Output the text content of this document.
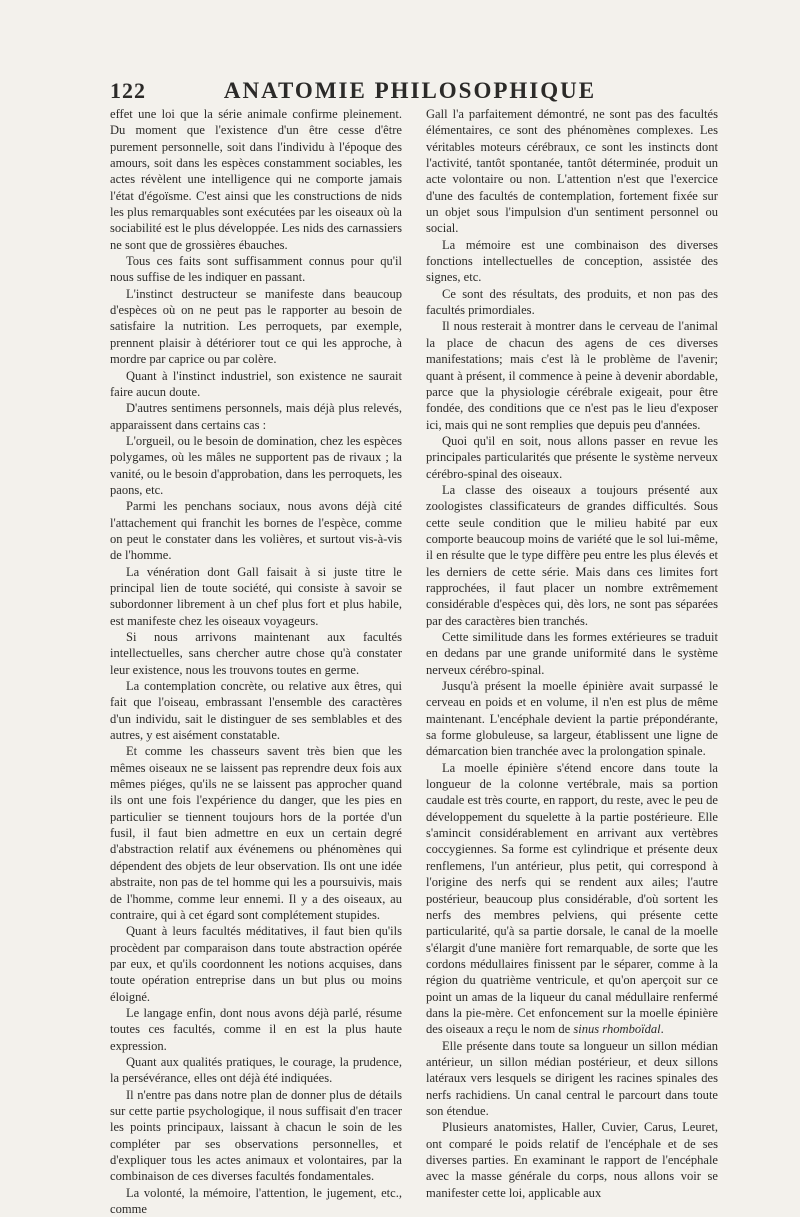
122	ANATOMIE PHILOSOPHIQUE

effet une loi que la série animale confirme pleinement. Du moment que l'existence d'un être cesse d'être purement personnelle, soit dans l'individu à l'époque des amours, soit dans les espèces constamment sociables, les actes révèlent une intelligence qui ne comporte jamais l'état d'égoïsme. C'est ainsi que les constructions de nids les plus remarquables sont exécutées par les oiseaux où la sociabilité est le plus développée. Les nids des carnassiers ne sont que de grossières ébauches.

Tous ces faits sont suffisamment connus pour qu'il nous suffise de les indiquer en passant.

L'instinct destructeur se manifeste dans beaucoup d'espèces où on ne peut pas le rapporter au besoin de satisfaire la nutrition. Les perroquets, par exemple, prennent plaisir à détériorer tout ce qui les approche, à mordre par caprice ou par colère.

Quant à l'instinct industriel, son existence ne saurait faire aucun doute.

D'autres sentimens personnels, mais déjà plus relevés, apparaissent dans certains cas :

L'orgueil, ou le besoin de domination, chez les espèces polygames, où les mâles ne supportent pas de rivaux ; la vanité, ou le besoin d'approbation, dans les perroquets, les paons, etc.

Parmi les penchans sociaux, nous avons déjà cité l'attachement qui franchit les bornes de l'espèce, comme on peut le constater dans les volières, et surtout vis-à-vis de l'homme.

La vénération dont Gall faisait à si juste titre le principal lien de toute société, qui consiste à savoir se subordonner librement à un chef plus fort et plus habile, est manifeste chez les oiseaux voyageurs.

Si nous arrivons maintenant aux facultés intellectuelles, sans chercher autre chose qu'à constater leur existence, nous les trouvons toutes en germe.

La contemplation concrète, ou relative aux êtres, qui fait que l'oiseau, embrassant l'ensemble des caractères d'un individu, sait le distinguer de ses semblables et des autres, y est aisément constatable.

Et comme les chasseurs savent très bien que les mêmes oiseaux ne se laissent pas reprendre deux fois aux mêmes piéges, qu'ils ne se laissent pas approcher quand ils ont une fois l'expérience du danger, que les pies en particulier se tiennent toujours hors de la portée d'un fusil, il faut bien admettre en eux un certain degré d'abstraction relatif aux événemens ou phénomènes qui dépendent des objets de leur observation. Ils ont une idée abstraite, non pas de tel homme qui les a poursuivis, mais de l'homme, comme leur ennemi. Il y a des oiseaux, au contraire, qui à cet égard sont complétement stupides.

Quant à leurs facultés méditatives, il faut bien qu'ils procèdent par comparaison dans toute abstraction opérée par eux, et qu'ils coordonnent les notions acquises, dans toute opération entreprise dans un but plus ou moins éloigné.

Le langage enfin, dont nous avons déjà parlé, résume toutes ces facultés, comme il en est la plus haute expression.

Quant aux qualités pratiques, le courage, la prudence, la persévérance, elles ont déjà été indiquées.

Il n'entre pas dans notre plan de donner plus de détails sur cette partie psychologique, il nous suffisait d'en tracer les points principaux, laissant à chacun le soin de les compléter par ses observations personnelles, et d'expliquer tous les actes animaux et volontaires, par la combinaison de ces diverses facultés fondamentales.

La volonté, la mémoire, l'attention, le jugement, etc., comme

Gall l'a parfaitement démontré, ne sont pas des facultés élémentaires, ce sont des phénomènes complexes. Les véritables moteurs cérébraux, ce sont les instincts dont l'activité, tantôt spontanée, tantôt déterminée, produit un acte volontaire ou non. L'attention n'est que l'exercice d'une des facultés de contemplation, fortement fixée sur un objet sous l'impulsion d'un sentiment personnel ou social.

La mémoire est une combinaison des diverses fonctions intellectuelles de conception, assistée des signes, etc.

Ce sont des résultats, des produits, et non pas des facultés primordiales.

Il nous resterait à montrer dans le cerveau de l'animal la place de chacun des agens de ces diverses manifestations; mais c'est là le problème de l'avenir; quant à présent, il commence à peine à devenir abordable, parce que la physiologie cérébrale exigeait, pour être fondée, des conditions que ce n'est pas le lieu d'exposer ici, mais qui ne sont remplies que depuis peu d'années.

Quoi qu'il en soit, nous allons passer en revue les principales particularités que présente le système nerveux cérébro-spinal des oiseaux.

La classe des oiseaux a toujours présenté aux zoologistes classificateurs de grandes difficultés. Sous cette seule condition que le milieu habité par eux comporte beaucoup moins de variété que le sol lui-même, il en résulte que le type diffère peu entre les plus élevés et les derniers de cette série. Mais dans ces limites fort rapprochées, il faut placer un nombre extrêmement considérable d'espèces qui, dès lors, ne sont pas séparées par des caractères bien tranchés.

Cette similitude dans les formes extérieures se traduit en dedans par une grande uniformité dans le système nerveux cérébro-spinal.

Jusqu'à présent la moelle épinière avait surpassé le cerveau en poids et en volume, il n'en est plus de même maintenant. L'encéphale devient la partie prépondérante, sa forme globuleuse, sa largeur, établissent une ligne de démarcation bien tranchée avec la prolongation spinale.

La moelle épinière s'étend encore dans toute la longueur de la colonne vertébrale, mais sa portion caudale est très courte, en rapport, du reste, avec le peu de développement du squelette à la partie postérieure. Elle s'amincit considérablement en arrivant aux vertèbres coccygiennes. Sa forme est cylindrique et présente deux renflemens, l'un antérieur, plus petit, qui correspond à l'origine des nerfs qui se rendent aux ailes; l'autre postérieur, beaucoup plus considérable, d'où sortent les nerfs des membres pelviens, qui présente cette particularité, qu'à sa partie dorsale, le canal de la moelle s'élargit d'une manière fort remarquable, de sorte que les cordons médullaires finissent par le séparer, comme à la région du quatrième ventricule, et qu'on aperçoit sur ce point un amas de la liqueur du canal médullaire renfermé dans la pie-mère. Cet enfoncement sur la moelle épinière des oiseaux a reçu le nom de sinus rhomboïdal.

Elle présente dans toute sa longueur un sillon médian antérieur, un sillon médian postérieur, et deux sillons latéraux vers lesquels se dirigent les racines spinales des nerfs rachidiens. Un canal central le parcourt dans toute son étendue.

Plusieurs anatomistes, Haller, Cuvier, Carus, Leuret, ont comparé le poids relatif de l'encéphale et de ses diverses parties. En examinant le rapport de l'encéphale avec la masse générale du corps, nous allons voir se manifester cette loi, applicable aux
